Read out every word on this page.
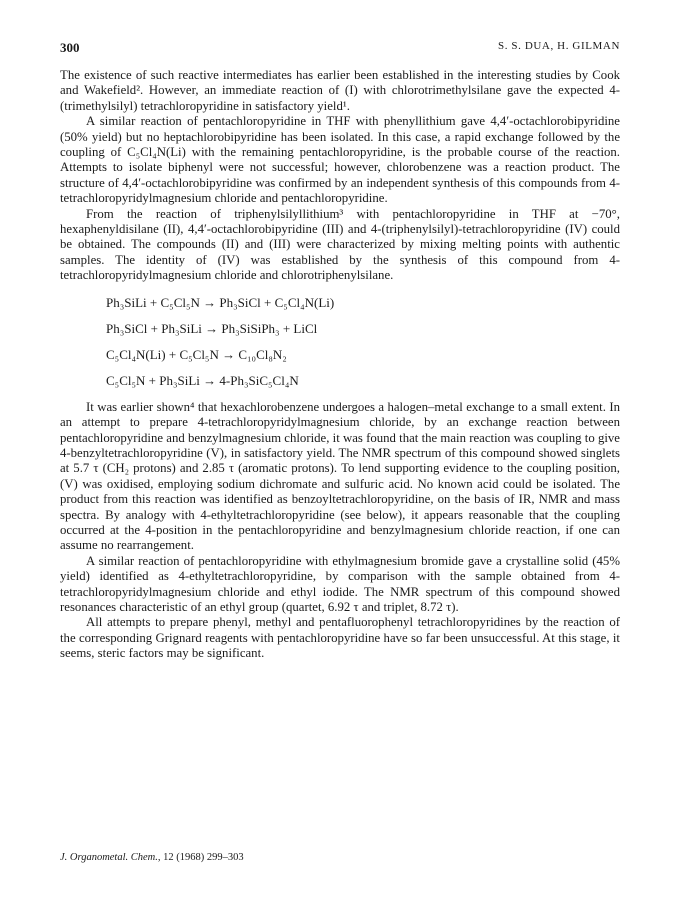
300	S. S. DUA, H. GILMAN

The existence of such reactive intermediates has earlier been established in the interesting studies by Cook and Wakefield². However, an immediate reaction of (I) with chlorotrimethylsilane gave the expected 4-(trimethylsilyl) tetrachloropyridine in satisfactory yield¹.

A similar reaction of pentachloropyridine in THF with phenyllithium gave 4,4′-octachlorobipyridine (50% yield) but no heptachlorobipyridine has been isolated. In this case, a rapid exchange followed by the coupling of C₅Cl₄N(Li) with the remaining pentachloropyridine, is the probable course of the reaction. Attempts to isolate biphenyl were not successful; however, chlorobenzene was a reaction product. The structure of 4,4′-octachlorobipyridine was confirmed by an independent synthesis of this compounds from 4-tetrachloropyridylmagnesium chloride and pentachloropyridine.

From the reaction of triphenylsilyllithium³ with pentachloropyridine in THF at −70°, hexaphenyldisilane (II), 4,4′-octachlorobipyridine (III) and 4-(triphenylsilyl)-tetrachloropyridine (IV) could be obtained. The compounds (II) and (III) were characterized by mixing melting points with authentic samples. The identity of (IV) was established by the synthesis of this compound from 4-tetrachloropyridylmagnesium chloride and chlorotriphenylsilane.

Ph₃SiLi + C₅Cl₅N → Ph₃SiCl + C₅Cl₄N(Li)
Ph₃SiCl + Ph₃SiLi → Ph₃SiSiPh₃ + LiCl
C₅Cl₄N(Li) + C₅Cl₅N → C₁₀Cl₈N₂
C₅Cl₅N + Ph₃SiLi → 4-Ph₃SiC₅Cl₄N

It was earlier shown⁴ that hexachlorobenzene undergoes a halogen–metal exchange to a small extent. In an attempt to prepare 4-tetrachloropyridylmagnesium chloride, by an exchange reaction between pentachloropyridine and benzylmagnesium chloride, it was found that the main reaction was coupling to give 4-benzyltetrachloropyridine (V), in satisfactory yield. The NMR spectrum of this compound showed singlets at 5.7 τ (CH₂ protons) and 2.85 τ (aromatic protons). To lend supporting evidence to the coupling position, (V) was oxidised, employing sodium dichromate and sulfuric acid. No known acid could be isolated. The product from this reaction was identified as benzoyltetrachloropyridine, on the basis of IR, NMR and mass spectra. By analogy with 4-ethyltetrachloropyridine (see below), it appears reasonable that the coupling occurred at the 4-position in the pentachloropyridine and benzylmagnesium chloride reaction, if one can assume no rearrangement.

A similar reaction of pentachloropyridine with ethylmagnesium bromide gave a crystalline solid (45% yield) identified as 4-ethyltetrachloropyridine, by comparison with the sample obtained from 4-tetrachloropyridylmagnesium chloride and ethyl iodide. The NMR spectrum of this compound showed resonances characteristic of an ethyl group (quartet, 6.92 τ and triplet, 8.72 τ).

All attempts to prepare phenyl, methyl and pentafluorophenyl tetrachloropyridines by the reaction of the corresponding Grignard reagents with pentachloropyridine have so far been unsuccessful. At this stage, it seems, steric factors may be significant.

J. Organometal. Chem., 12 (1968) 299–303
